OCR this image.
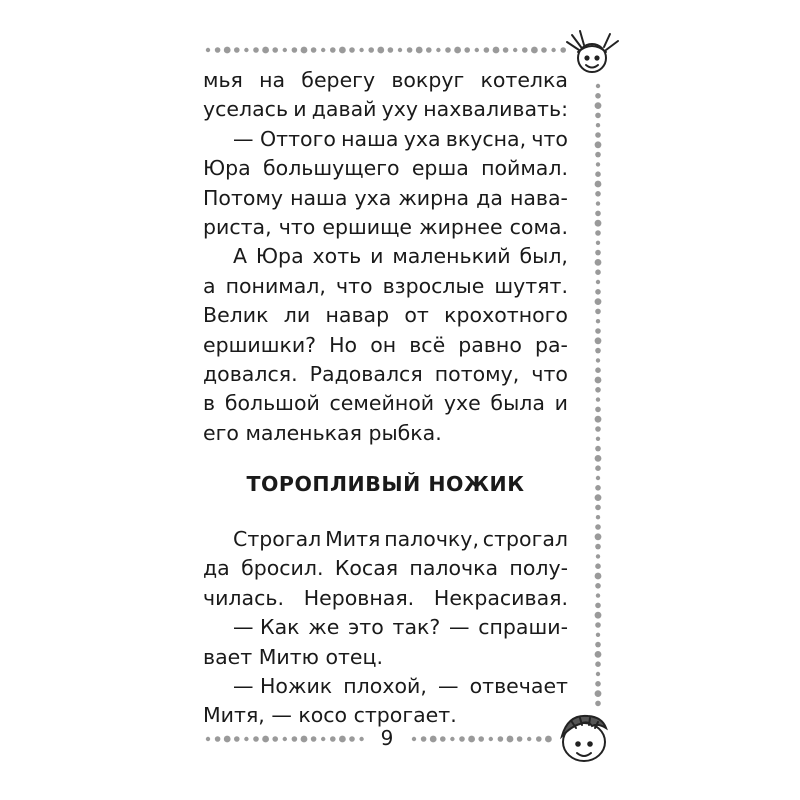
мья на берегу вокруг котелка
уселась и давай уху нахваливать:
— Оттого наша уха вкусна, что
Юра большущего ерша поймал.
Потому наша уха жирна да нава-
риста, что ершище жирнее сома.
А Юра хоть и маленький был,
а понимал, что взрослые шутят.
Велик ли навар от крохотного
ершишки? Но он всё равно ра-
довался. Радовался потому, что
в большой семейной ухе была и
его маленькая рыбка.
ТОРОПЛИВЫЙ НОЖИК
Строгал Митя палочку, строгал
да бросил. Косая палочка полу-
чилась. Неровная. Некрасивая.
— Как же это так? — спраши-
вает Митю отец.
— Ножик плохой, — отвечает
Митя, — косо строгает.
9
